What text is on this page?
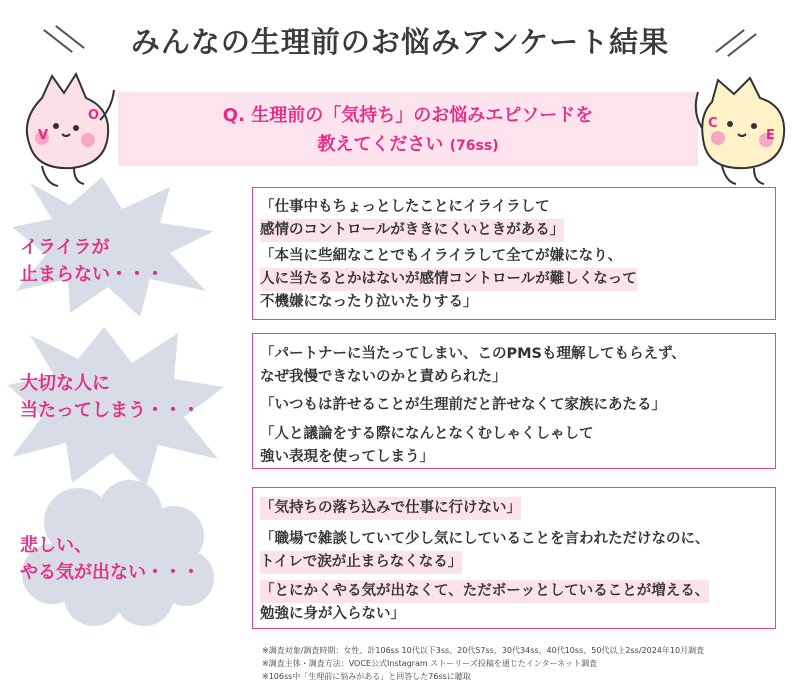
みんなの生理前のお悩みアンケート結果
Q. 生理前の「気持ち」のお悩みエピソードを
教えてください (76ss)
V
O
C
E
イライラが
止まらない・・・
「仕事中もちょっとしたことにイライラして
感情のコントロールがききにくいときがある」
「本当に些細なことでもイライラして全てが嫌になり、
人に当たるとかはないが感情コントロールが難しくなって
不機嫌になったり泣いたりする」
大切な人に
当たってしまう・・・
「パートナーに当たってしまい、このPMSも理解してもらえず、
なぜ我慢できないのかと責められた」
「いつもは許せることが生理前だと許せなくて家族にあたる」
「人と議論をする際になんとなくむしゃくしゃして
強い表現を使ってしまう」
悲しい、
やる気が出ない・・・
「気持ちの落ち込みで仕事に行けない」
「職場で雑談していて少し気にしていることを言われただけなのに、
トイレで涙が止まらなくなる」
「とにかくやる気が出なくて、ただボーッとしていることが増える、
勉強に身が入らない」
※調査対象/調査時期：女性、計106ss 10代以下3ss、20代57ss、30代34ss、40代10ss、50代以上2ss/2024年10月調査
※調査主体・調査方法：VOCE公式Instagram ストーリーズ投稿を通じたインターネット調査
※106ss中「生理前に悩みがある」と回答した76ssに聴取
